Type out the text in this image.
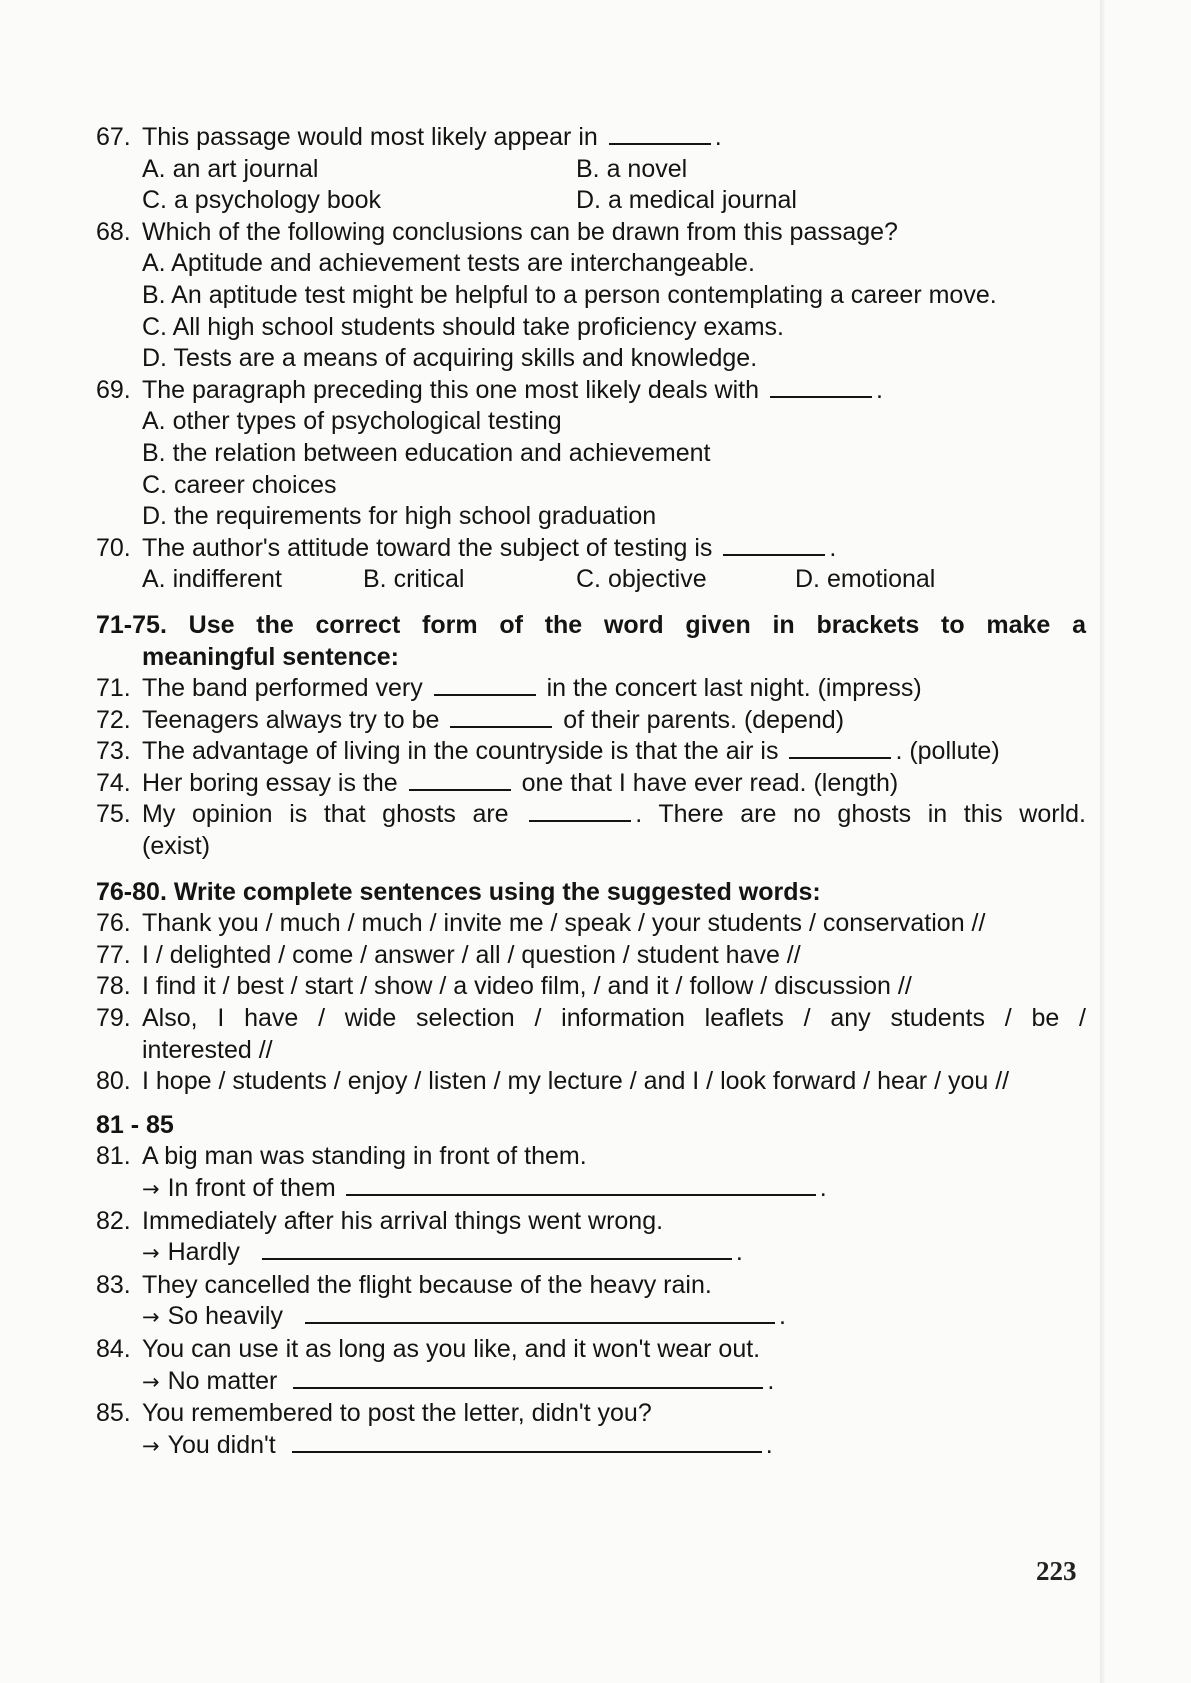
67. This passage would most likely appear in	.
A. an art journal	B. a novel
C. a psychology book	D. a medical journal
68. Which of the following conclusions can be drawn from this passage?
A. Aptitude and achievement tests are interchangeable.
B. An aptitude test might be helpful to a person contemplating a career move.
C. All high school students should take proficiency exams.
D. Tests are a means of acquiring skills and knowledge.
69. The paragraph preceding this one most likely deals with	.
A. other types of psychological testing
B. the relation between education and achievement
C. career choices
D. the requirements for high school graduation
70. The author's attitude toward the subject of testing is	.
A. indifferent	B. critical	C. objective	D. emotional
71-75. Use the correct form of the word given in brackets to make a
meaningful sentence:
71. The band performed very	in the concert last night. (impress)
72. Teenagers always try to be	of their parents. (depend)
73. The advantage of living in the countryside is that the air is	. (pollute)
74. Her boring essay is the	one that I have ever read. (length)
75. My opinion is that ghosts are	. There are no ghosts in this world.
(exist)
76-80. Write complete sentences using the suggested words:
76. Thank you / much / much / invite me / speak / your students / conservation //
77. I / delighted / come / answer / all / question / student have //
78. I find it / best / start / show / a video film, / and it / follow / discussion //
79. Also, I have / wide selection / information leaflets / any students / be /
interested //
80. I hope / students / enjoy / listen / my lecture / and I / look forward / hear / you //
81 - 85
81. A big man was standing in front of them.
→ In front of them	.
82. Immediately after his arrival things went wrong.
→ Hardly	.
83. They cancelled the flight because of the heavy rain.
→ So heavily	.
84. You can use it as long as you like, and it won't wear out.
→ No matter	.
85. You remembered to post the letter, didn't you?
→ You didn't	.
223
